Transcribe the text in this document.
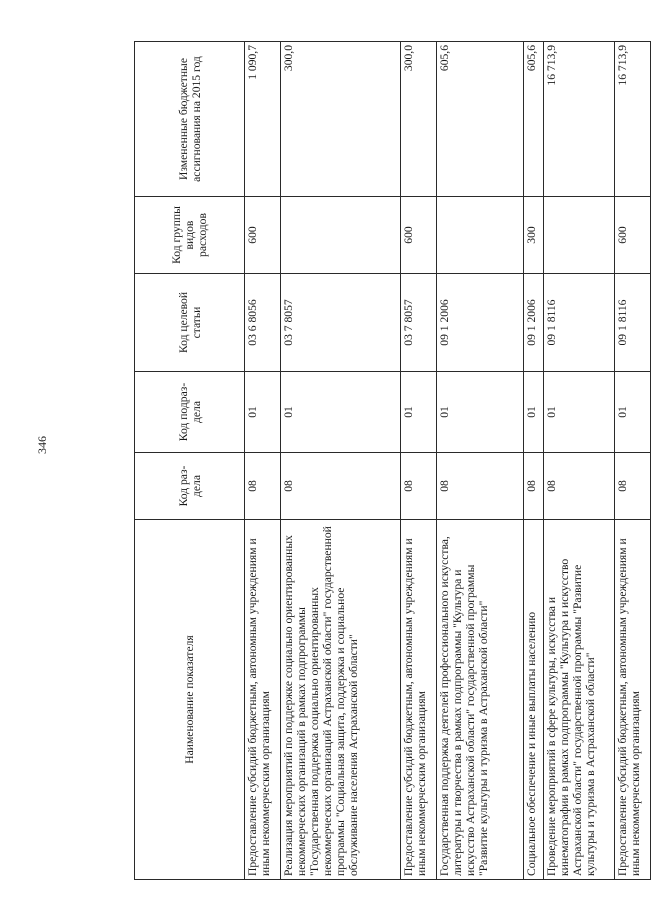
346
Наименование показателя	Код раз-дела	Код подраз-дела	Код целевой статьи	Код группы видов расходов	Измененные бюджетные ассигнования на 2015 год
Предоставление субсидий бюджетным, автономным учреждениям и иным некоммерческим организациям	08	01	03 6 8056	600	1 090,7
Реализация мероприятий по поддержке социально ориентированных некоммерческих организаций в рамках подпрограммы "Государственная поддержка социально ориентированных некоммерческих организаций Астраханской области" государственной программы "Социальная защита, поддержка и социальное обслуживание населения Астраханской области"	08	01	03 7 8057		300,0
Предоставление субсидий бюджетным, автономным учреждениям и иным некоммерческим организациям	08	01	03 7 8057	600	300,0
Государственная поддержка деятелей профессионального искусства, литературы и творчества в рамках подпрограммы "Культура и искусство Астраханской области" государственной программы "Развитие культуры и туризма в Астраханской области"	08	01	09 1 2006		605,6
Социальное обеспечение и иные выплаты населению	08	01	09 1 2006	300	605,6
Проведение мероприятий в сфере культуры, искусства и кинематографии в рамках подпрограммы "Культура и искусство Астраханской области" государственной программы "Развитие культуры и туризма в Астраханской области"	08	01	09 1 8116		16 713,9
Предоставление субсидий бюджетным, автономным учреждениям и иным некоммерческим организациям	08	01	09 1 8116	600	16 713,9
